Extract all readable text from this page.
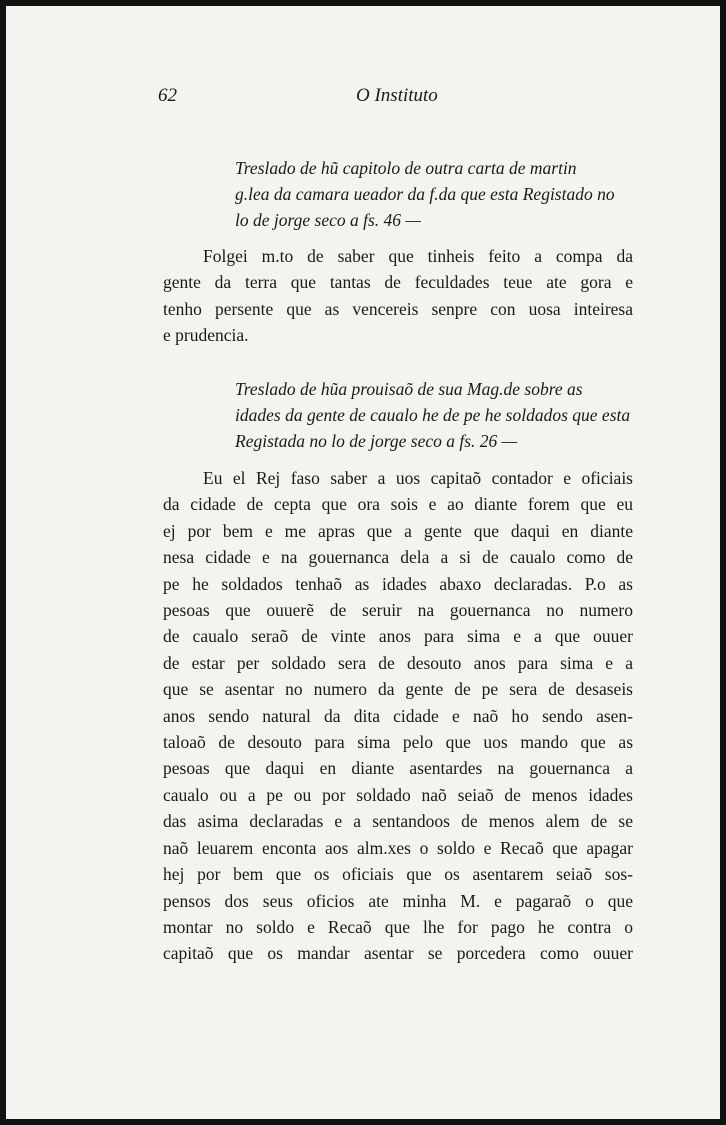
62	O Instituto

Treslado de hũ capitolo de outra carta de martin
g.lea da camara ueador da f.da que esta Registado no
lo de jorge seco a fs. 46 —

Folgei m.to de saber que tinheis feito a compa da
gente da terra que tantas de feculdades teue ate gora e
tenho persente que as vencereis senpre con uosa inteiresa
e prudencia.

Treslado de hũa prouisaõ de sua Mag.de sobre as
idades da gente de caualo he de pe he soldados que esta
Registada no lo de jorge seco a fs. 26 —

Eu el Rej faso saber a uos capitaõ contador e oficiais
da cidade de cepta que ora sois e ao diante forem que eu
ej por bem e me apras que a gente que daqui en diante
nesa cidade e na gouernanca dela a si de caualo como de
pe he soldados tenhaõ as idades abaxo declaradas. P.o as
pesoas que ouuerẽ de seruir na gouernanca no numero
de caualo seraõ de vinte anos para sima e a que ouuer
de estar per soldado sera de desouto anos para sima e a
que se asentar no numero da gente de pe sera de desaseis
anos sendo natural da dita cidade e naõ ho sendo asen-
taloaõ de desouto para sima pelo que uos mando que as
pesoas que daqui en diante asentardes na gouernanca a
caualo ou a pe ou por soldado naõ seiaõ de menos idades
das asima declaradas e a sentandoos de menos alem de se
naõ leuarem enconta aos alm.xes o soldo e Recaõ que apagar
hej por bem que os oficiais que os asentarem seiaõ sos-
pensos dos seus oficios ate minha M. e pagaraõ o que
montar no soldo e Recaõ que lhe for pago he contra o
capitaõ que os mandar asentar se porcedera como ouuer
